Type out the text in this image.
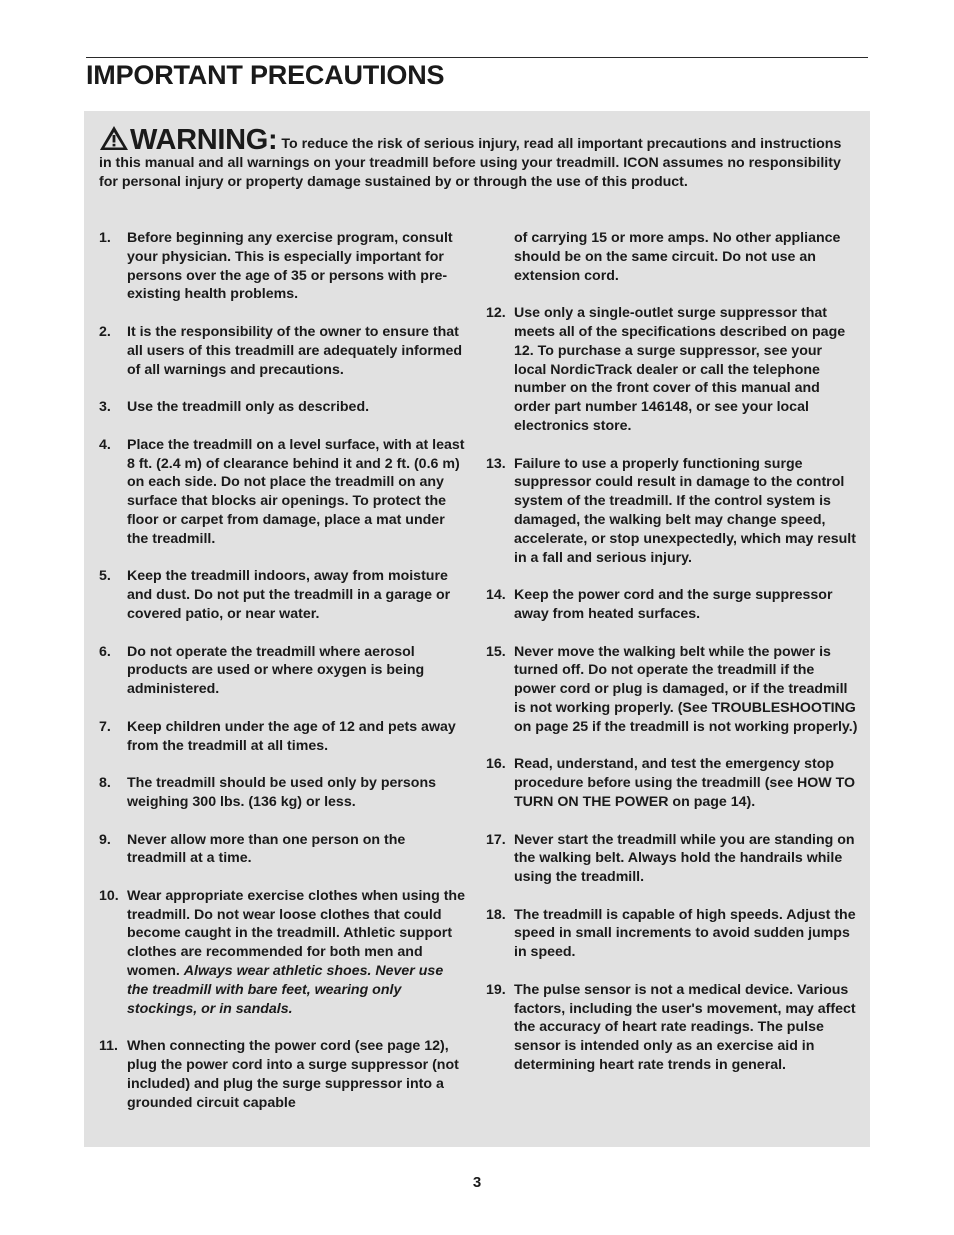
IMPORTANT PRECAUTIONS

WARNING: To reduce the risk of serious injury, read all important precautions and instructions in this manual and all warnings on your treadmill before using your treadmill. ICON assumes no responsibility for personal injury or property damage sustained by or through the use of this product.

1. Before beginning any exercise program, consult your physician. This is especially important for persons over the age of 35 or persons with pre-existing health problems.
2. It is the responsibility of the owner to ensure that all users of this treadmill are adequately informed of all warnings and precautions.
3. Use the treadmill only as described.
4. Place the treadmill on a level surface, with at least 8 ft. (2.4 m) of clearance behind it and 2 ft. (0.6 m) on each side. Do not place the treadmill on any surface that blocks air openings. To protect the floor or carpet from damage, place a mat under the treadmill.
5. Keep the treadmill indoors, away from moisture and dust. Do not put the treadmill in a garage or covered patio, or near water.
6. Do not operate the treadmill where aerosol products are used or where oxygen is being administered.
7. Keep children under the age of 12 and pets away from the treadmill at all times.
8. The treadmill should be used only by persons weighing 300 lbs. (136 kg) or less.
9. Never allow more than one person on the treadmill at a time.
10. Wear appropriate exercise clothes when using the treadmill. Do not wear loose clothes that could become caught in the treadmill. Athletic support clothes are recommended for both men and women. Always wear athletic shoes. Never use the treadmill with bare feet, wearing only stockings, or in sandals.
11. When connecting the power cord (see page 12), plug the power cord into a surge suppressor (not included) and plug the surge suppressor into a grounded circuit capable
of carrying 15 or more amps. No other appliance should be on the same circuit. Do not use an extension cord.
12. Use only a single-outlet surge suppressor that meets all of the specifications described on page 12. To purchase a surge suppressor, see your local NordicTrack dealer or call the telephone number on the front cover of this manual and order part number 146148, or see your local electronics store.
13. Failure to use a properly functioning surge suppressor could result in damage to the control system of the treadmill. If the control system is damaged, the walking belt may change speed, accelerate, or stop unexpectedly, which may result in a fall and serious injury.
14. Keep the power cord and the surge suppressor away from heated surfaces.
15. Never move the walking belt while the power is turned off. Do not operate the treadmill if the power cord or plug is damaged, or if the treadmill is not working properly. (See TROUBLESHOOTING on page 25 if the treadmill is not working properly.)
16. Read, understand, and test the emergency stop procedure before using the treadmill (see HOW TO TURN ON THE POWER on page 14).
17. Never start the treadmill while you are standing on the walking belt. Always hold the handrails while using the treadmill.
18. The treadmill is capable of high speeds. Adjust the speed in small increments to avoid sudden jumps in speed.
19. The pulse sensor is not a medical device. Various factors, including the user's movement, may affect the accuracy of heart rate readings. The pulse sensor is intended only as an exercise aid in determining heart rate trends in general.
3
